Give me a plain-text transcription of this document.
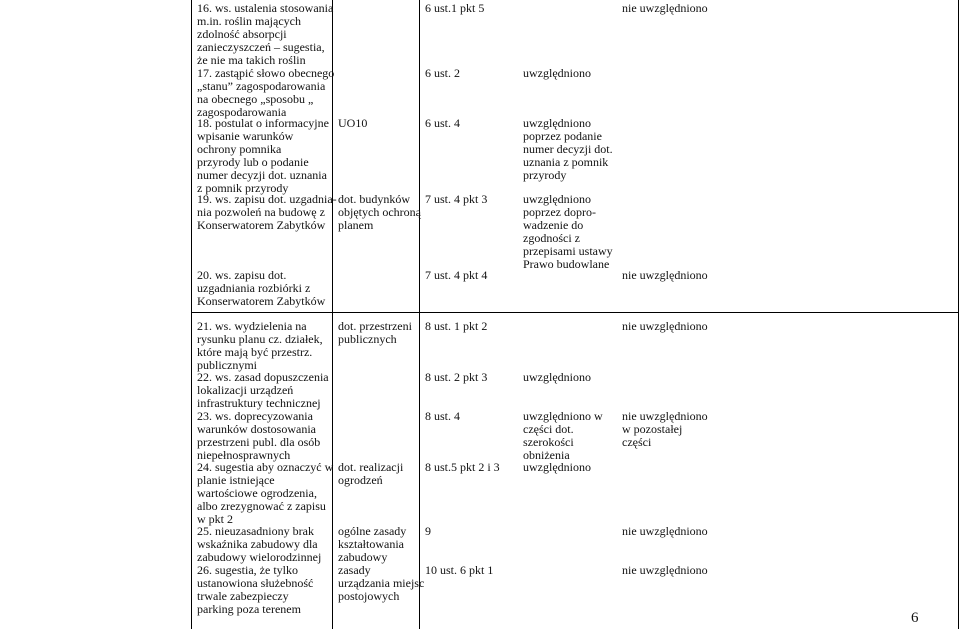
16. ws. ustalenia stosowania
m.in. roślin mających
zdolność absorpcji
zanieczyszczeń – sugestia,
że nie ma takich roślin
17. zastąpić słowo obecnego
„stanu” zagospodarowania
na obecnego „sposobu „
zagospodarowania
18. postulat o informacyjne
wpisanie warunków
ochrony pomnika
przyrody lub o podanie
numer decyzji dot. uznania
z pomnik przyrody
19. ws. zapisu dot. uzgadnia-
nia pozwoleń na budowę z
Konserwatorem Zabytków
20. ws. zapisu dot.
uzgadniania rozbiórki z
Konserwatorem Zabytków
UO10
dot. budynków
objętych ochroną
planem
6 ust.1 pkt 5
6 ust. 2
6 ust. 4
7 ust. 4 pkt 3
7 ust. 4 pkt 4
uwzględniono
uwzględniono
poprzez podanie
numer decyzji dot.
uznania z pomnik
przyrody
uwzględniono
poprzez dopro-
wadzenie do
zgodności z
przepisami ustawy
Prawo budowlane
nie uwzględniono
nie uwzględniono
21. ws. wydzielenia na
rysunku planu cz. działek,
które mają być przestrz.
publicznymi
22. ws. zasad dopuszczenia
lokalizacji urządzeń
infrastruktury technicznej
23. ws. doprecyzowania
warunków dostosowania
przestrzeni publ. dla osób
niepełnosprawnych
24. sugestia aby oznaczyć w
planie istniejące
wartościowe ogrodzenia,
albo zrezygnować z zapisu
w pkt 2
25. nieuzasadniony brak
wskaźnika zabudowy dla
zabudowy wielorodzinnej
26. sugestia, że tylko
ustanowiona służebność
trwale zabezpieczy
parking poza terenem
dot. przestrzeni
publicznych
dot. realizacji
ogrodzeń
ogólne zasady
kształtowania
zabudowy
zasady
urządzania miejsc
postojowych
8 ust. 1 pkt 2
8 ust. 2 pkt 3
8 ust. 4
8 ust.5 pkt 2 i 3
9
10 ust. 6 pkt 1
uwzględniono
uwzględniono w
części dot.
szerokości
obniżenia
uwzględniono
nie uwzględniono
nie uwzględniono
w pozostałej
części
nie uwzględniono
nie uwzględniono
6
